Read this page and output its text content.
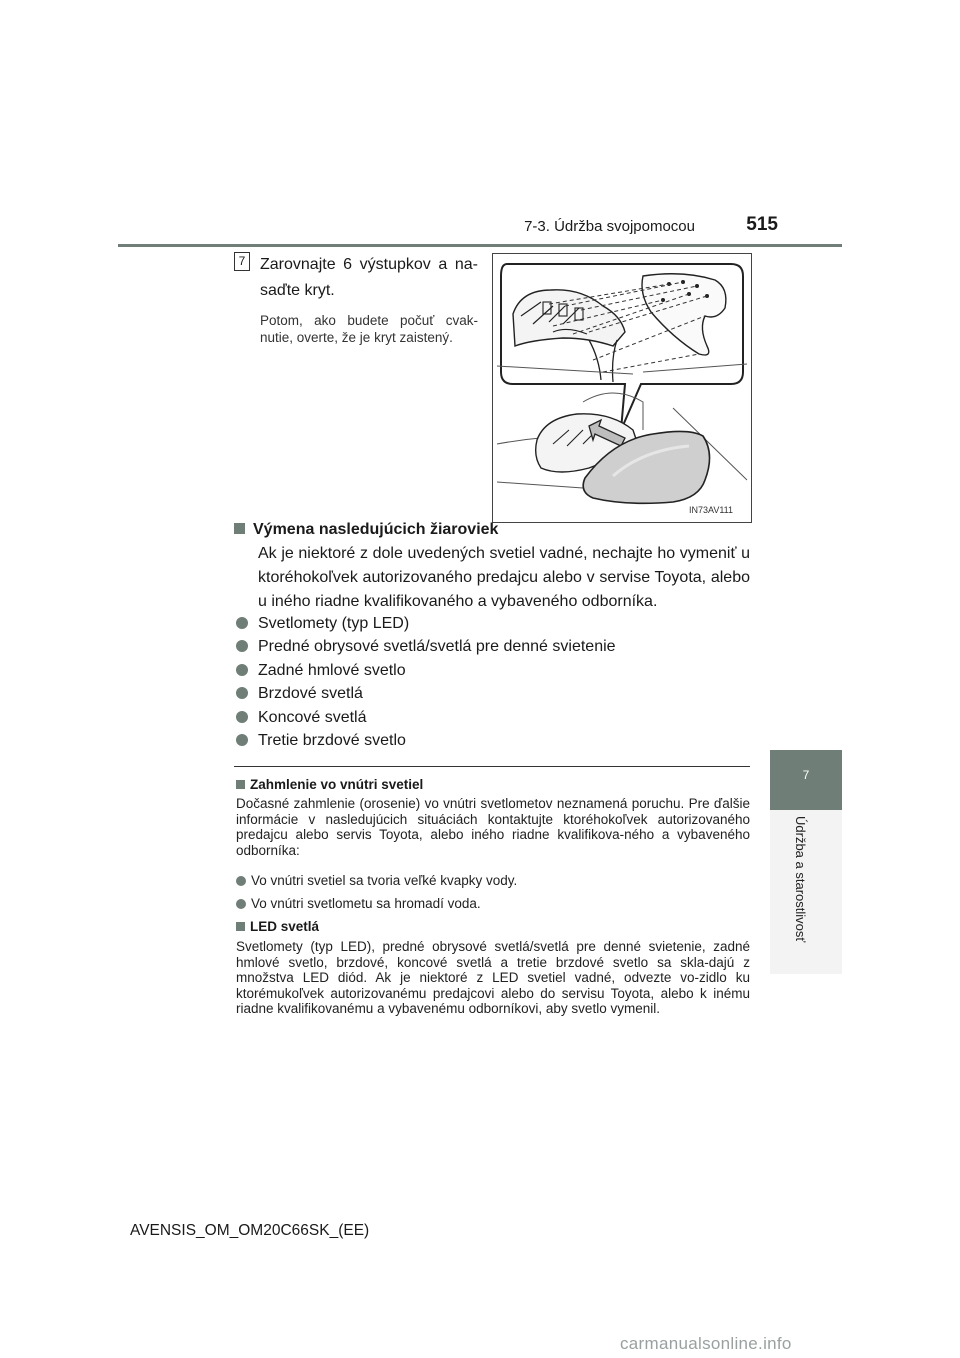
7-3. Údržba svojpomocou	515
7
Údržba a starostlivosť
7 Zarovnajte 6 výstupkov a na-saďte kryt.
Potom, ako budete počuť cvak-nutie, overte, že je kryt zaistený.
IN73AV111
Výmena nasledujúcich žiaroviek
Ak je niektoré z dole uvedených svetiel vadné, nechajte ho vymeniť u ktoréhokoľvek autorizovaného predajcu alebo v servise Toyota, alebo u iného riadne kvalifikovaného a vybaveného odborníka.
Svetlomety (typ LED)
Predné obrysové svetlá/svetlá pre denné svietenie
Zadné hmlové svetlo
Brzdové svetlá
Koncové svetlá
Tretie brzdové svetlo
Zahmlenie vo vnútri svetiel
Dočasné zahmlenie (orosenie) vo vnútri svetlometov neznamená poruchu. Pre ďalšie informácie v nasledujúcich situáciách kontaktujte ktoréhokoľvek autorizovaného predajcu alebo servis Toyota, alebo iného riadne kvalifikova-ného a vybaveného odborníka:
Vo vnútri svetiel sa tvoria veľké kvapky vody.
Vo vnútri svetlometu sa hromadí voda.
LED svetlá
Svetlomety (typ LED), predné obrysové svetlá/svetlá pre denné svietenie, zadné hmlové svetlo, brzdové, koncové svetlá a tretie brzdové svetlo sa skla-dajú z množstva LED diód. Ak je niektoré z LED svetiel vadné, odvezte vo-zidlo ku ktorémukoľvek autorizovanému predajcovi alebo do servisu Toyota, alebo k inému riadne kvalifikovanému a vybavenému odborníkovi, aby svetlo vymenil.
AVENSIS_OM_OM20C66SK_(EE)
carmanualsonline.info
